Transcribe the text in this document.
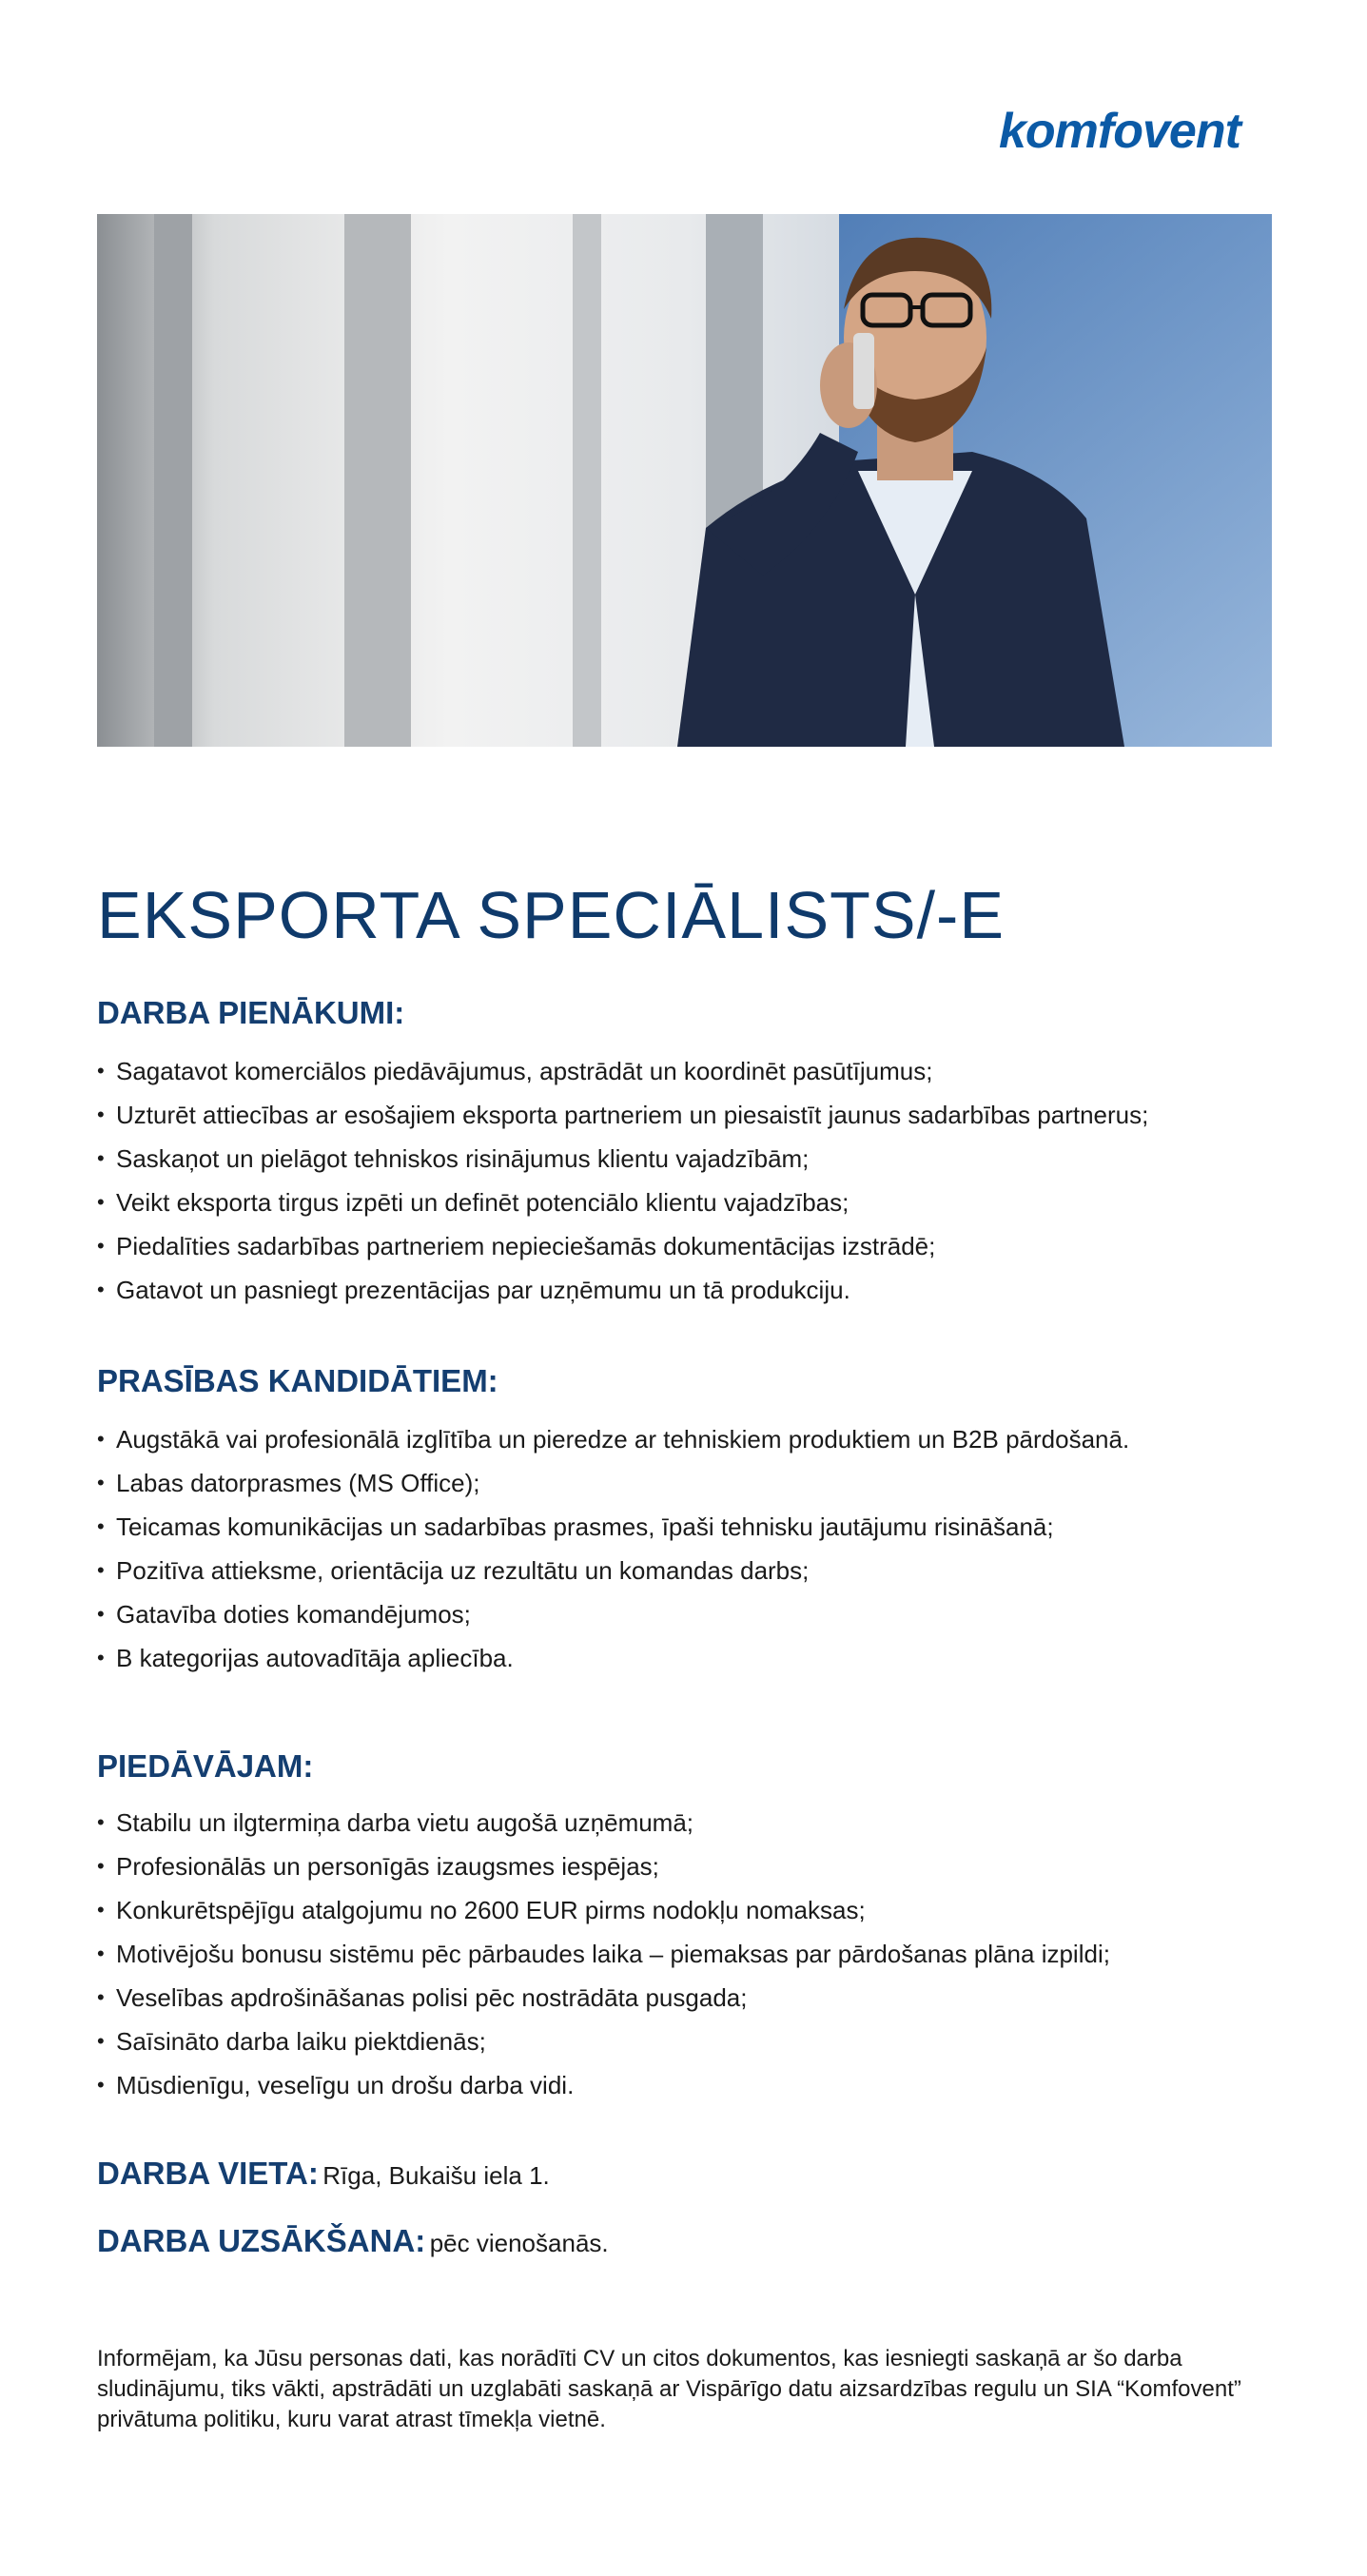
komfovent
EKSPORTA SPECIĀLISTS/-E
DARBA PIENĀKUMI:
• Sagatavot komerciālos piedāvājumus, apstrādāt un koordinēt pasūtījumus;
• Uzturēt attiecības ar esošajiem eksporta partneriem un piesaistīt jaunus sadarbības partnerus;
• Saskaņot un pielāgot tehniskos risinājumus klientu vajadzībām;
• Veikt eksporta tirgus izpēti un definēt potenciālo klientu vajadzības;
• Piedalīties sadarbības partneriem nepieciešamās dokumentācijas izstrādē;
• Gatavot un pasniegt prezentācijas par uzņēmumu un tā produkciju.
PRASĪBAS KANDIDĀTIEM:
• Augstākā vai profesionālā izglītība un pieredze ar tehniskiem produktiem un B2B pārdošanā.
• Labas datorprasmes (MS Office);
• Teicamas komunikācijas un sadarbības prasmes, īpaši tehnisku jautājumu risināšanā;
• Pozitīva attieksme, orientācija uz rezultātu un komandas darbs;
• Gatavība doties komandējumos;
• B kategorijas autovadītāja apliecība.
PIEDĀVĀJAM:
• Stabilu un ilgtermiņa darba vietu augošā uzņēmumā;
• Profesionālās un personīgās izaugsmes iespējas;
• Konkurētspējīgu atalgojumu no 2600 EUR pirms nodokļu nomaksas;
• Motivējošu bonusu sistēmu pēc pārbaudes laika – piemaksas par pārdošanas plāna izpildi;
• Veselības apdrošināšanas polisi pēc nostrādāta pusgada;
• Saīsināto darba laiku piektdienās;
• Mūsdienīgu, veselīgu un drošu darba vidi.
DARBA VIETA: Rīga, Bukaišu iela 1.
DARBA UZSĀKŠANA: pēc vienošanās.

Informējam, ka Jūsu personas dati, kas norādīti CV un citos dokumentos, kas iesniegti saskaņā ar šo darba sludinājumu, tiks vākti, apstrādāti un uzglabāti saskaņā ar Vispārīgo datu aizsardzības regulu un SIA “Komfovent” privātuma politiku, kuru varat atrast tīmekļa vietnē.
